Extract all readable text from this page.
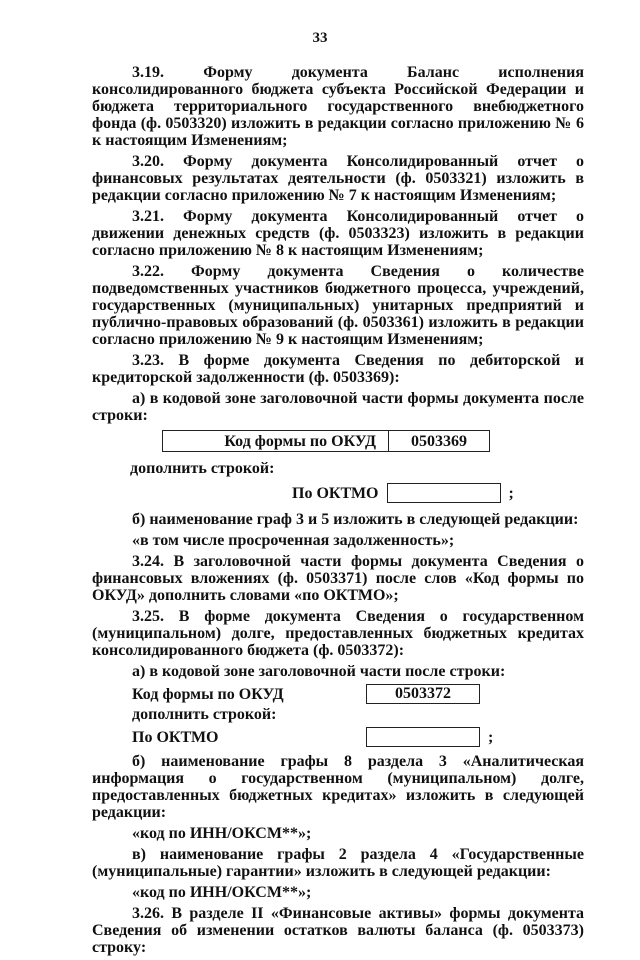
33

3.19. Форму документа Баланс исполнения консолидированного бюджета субъекта Российской Федерации и бюджета территориального государственного внебюджетного фонда (ф. 0503320) изложить в редакции согласно приложению № 6 к настоящим Изменениям;

3.20. Форму документа Консолидированный отчет о финансовых результатах деятельности (ф. 0503321) изложить в редакции согласно приложению № 7 к настоящим Изменениям;

3.21. Форму документа Консолидированный отчет о движении денежных средств (ф. 0503323) изложить в редакции согласно приложению № 8 к настоящим Изменениям;

3.22. Форму документа Сведения о количестве подведомственных участников бюджетного процесса, учреждений, государственных (муниципальных) унитарных предприятий и публично-правовых образований (ф. 0503361) изложить в редакции согласно приложению № 9 к настоящим Изменениям;

3.23. В форме документа Сведения по дебиторской и кредиторской задолженности (ф. 0503369):

а) в кодовой зоне заголовочной части формы документа после строки:

Код формы по ОКУД	0503369

дополнить строкой:

По ОКТМО	;

б) наименование граф 3 и 5 изложить в следующей редакции:

«в том числе просроченная задолженность»;

3.24. В заголовочной части формы документа Сведения о финансовых вложениях (ф. 0503371) после слов «Код формы по ОКУД» дополнить словами «по ОКТМО»;

3.25. В форме документа Сведения о государственном (муниципальном) долге, предоставленных бюджетных кредитах консолидированного бюджета (ф. 0503372):

а) в кодовой зоне заголовочной части после строки:

Код формы по ОКУД	0503372

дополнить строкой:

По ОКТМО	;

б) наименование графы 8 раздела 3 «Аналитическая информация о государственном (муниципальном) долге, предоставленных бюджетных кредитах» изложить в следующей редакции:

«код по ИНН/ОКСМ**»;

в) наименование графы 2 раздела 4 «Государственные (муниципальные) гарантии» изложить в следующей редакции:

«код по ИНН/ОКСМ**»;

3.26. В разделе II «Финансовые активы» формы документа Сведения об изменении остатков валюты баланса (ф. 0503373) строку:
